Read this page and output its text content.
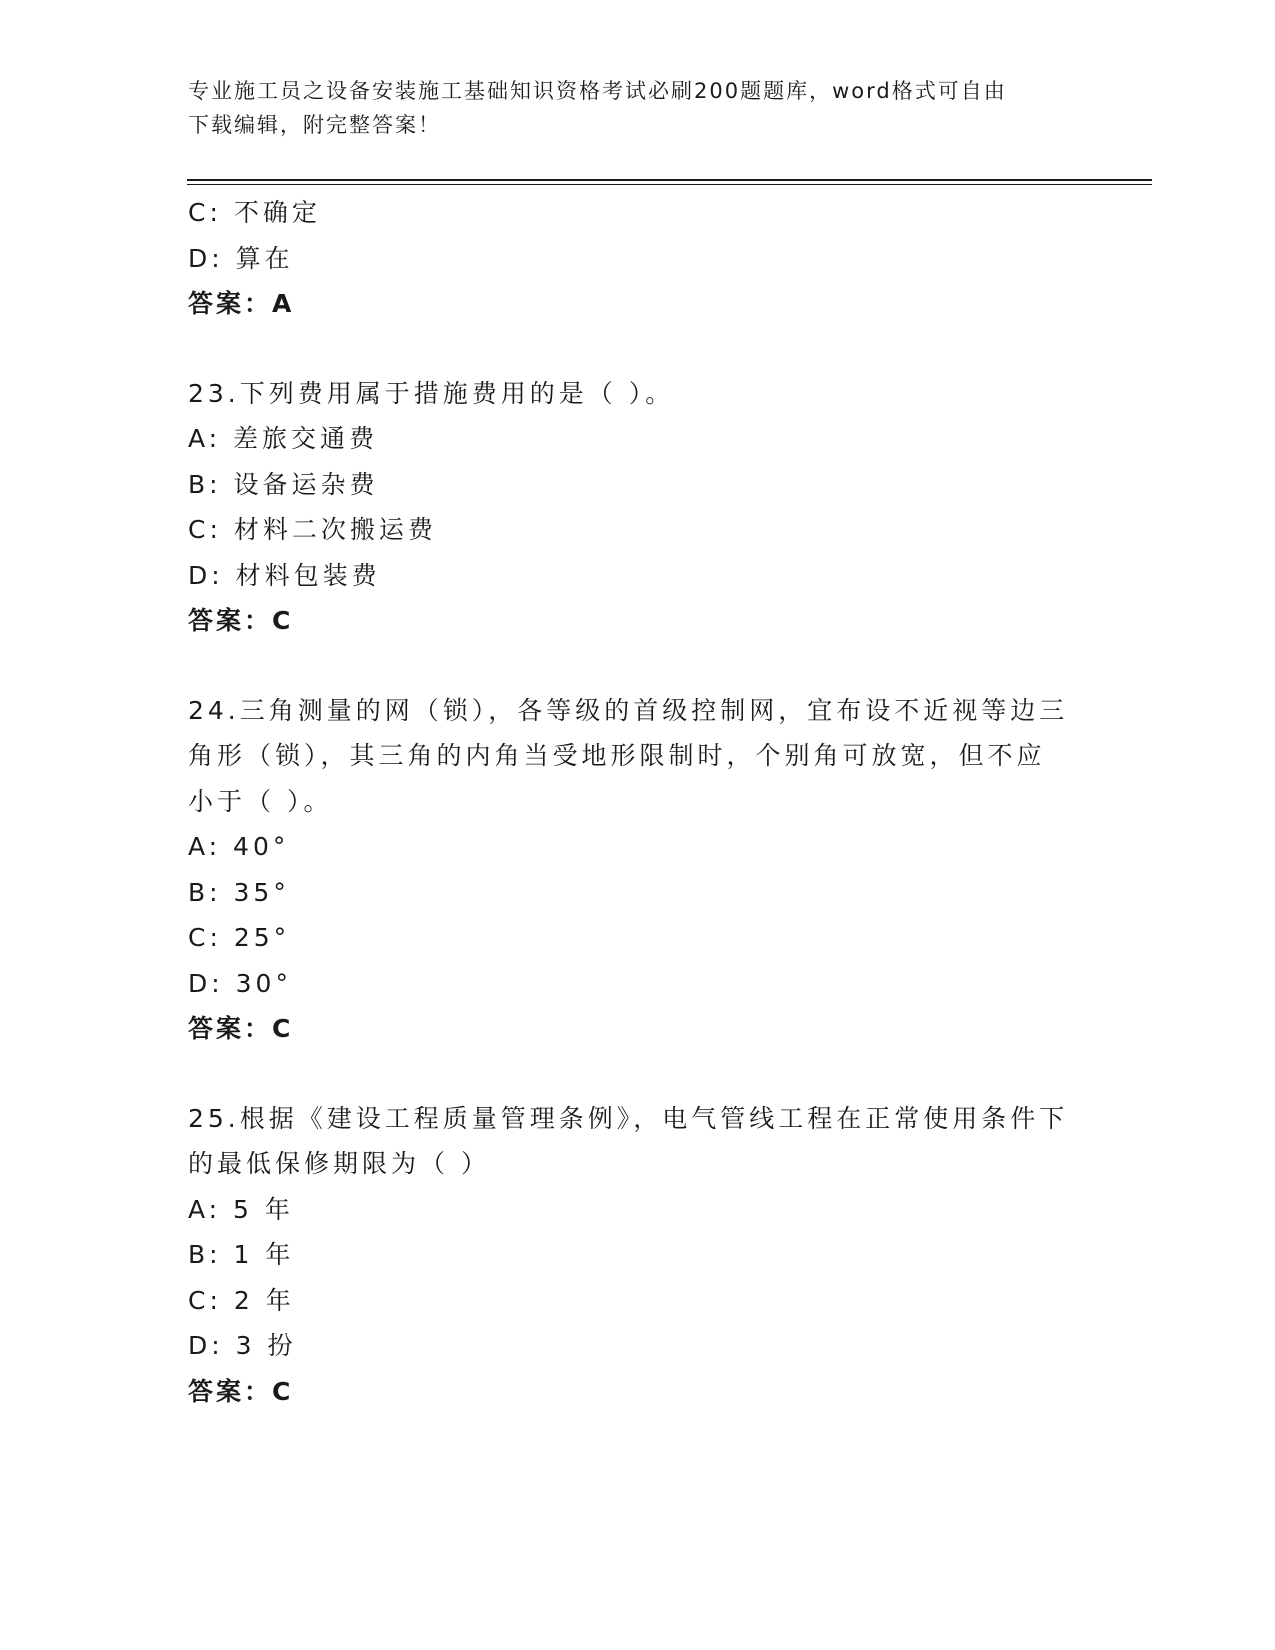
专业施工员之设备安装施工基础知识资格考试必刷200题题库，word格式可自由
下载编辑，附完整答案！
C: 不确定
D: 算在
答案：A
23.下列费用属于措施费用的是（ ）。
A: 差旅交通费
B: 设备运杂费
C: 材料二次搬运费
D: 材料包装费
答案：C
24.三角测量的网（锁），各等级的首级控制网，宜布设不近视等边三
角形（锁），其三角的内角当受地形限制时，个别角可放宽，但不应
小于（ ）。
A: 40°
B: 35°
C: 25°
D: 30°
答案：C
25.根据《建设工程质量管理条例》，电气管线工程在正常使用条件下
的最低保修期限为（ ）
A: 5 年
B: 1 年
C: 2 年
D: 3 扮
答案：C
